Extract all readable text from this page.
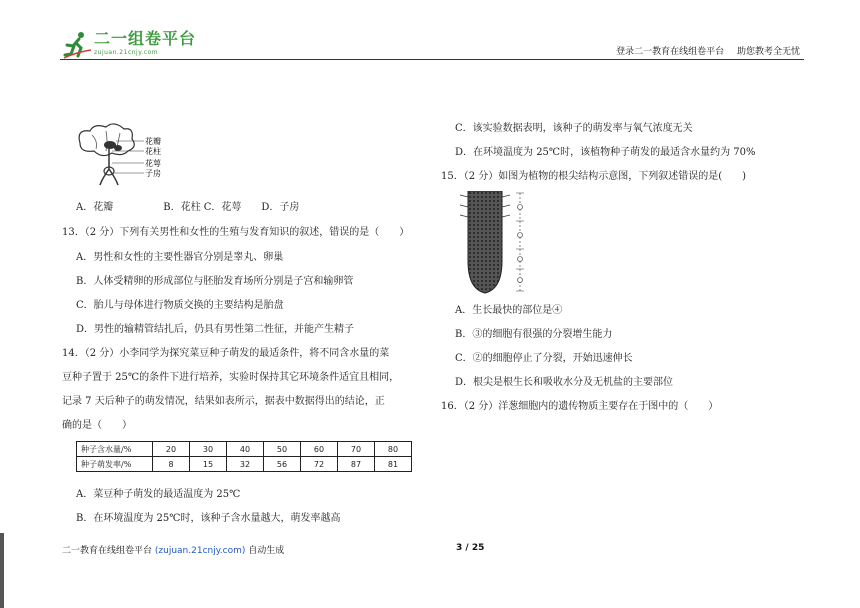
二一组卷平台
zujuan.21cnjy.com	登录二一教育在线组卷平台 助您教考全无忧
花瓣
花柱
花萼
子房
A．花瓣　　　　　B．花柱 C．花萼　　D．子房
13．（2 分）下列有关男性和女性的生殖与发育知识的叙述，错误的是（　　）
A．男性和女性的主要性器官分别是睾丸、卵巢
B．人体受精卵的形成部位与胚胎发育场所分别是子宫和输卵管
C．胎儿与母体进行物质交换的主要结构是胎盘
D．男性的输精管结扎后，仍具有男性第二性征，并能产生精子
14．（2 分）小李同学为探究菜豆种子萌发的最适条件，将不同含水量的菜
豆种子置于 25℃的条件下进行培养，实验时保持其它环境条件适宜且相同，
记录 7 天后种子的萌发情况，结果如表所示，据表中数据得出的结论，正
确的是（　　）
种子含水量/%	20	30	40	50	60	70	80
种子萌发率/%	8	15	32	56	72	87	81
A．菜豆种子萌发的最适温度为 25℃
B．在环境温度为 25℃时，该种子含水量越大，萌发率越高
C．该实验数据表明，该种子的萌发率与氧气浓度无关
D．在环境温度为 25℃时，该植物种子萌发的最适含水量约为 70%
15．（2 分）如图为植物的根尖结构示意图，下列叙述错误的是(　　)
A．生长最快的部位是④
B．③的细胞有很强的分裂增生能力
C．②的细胞停止了分裂，开始迅速伸长
D．根尖是根生长和吸收水分及无机盐的主要部位
16．（2 分）洋葱细胞内的遗传物质主要存在于图中的（　　）
二一教育在线组卷平台 (zujuan.21cnjy.com) 自动生成	3 / 25
